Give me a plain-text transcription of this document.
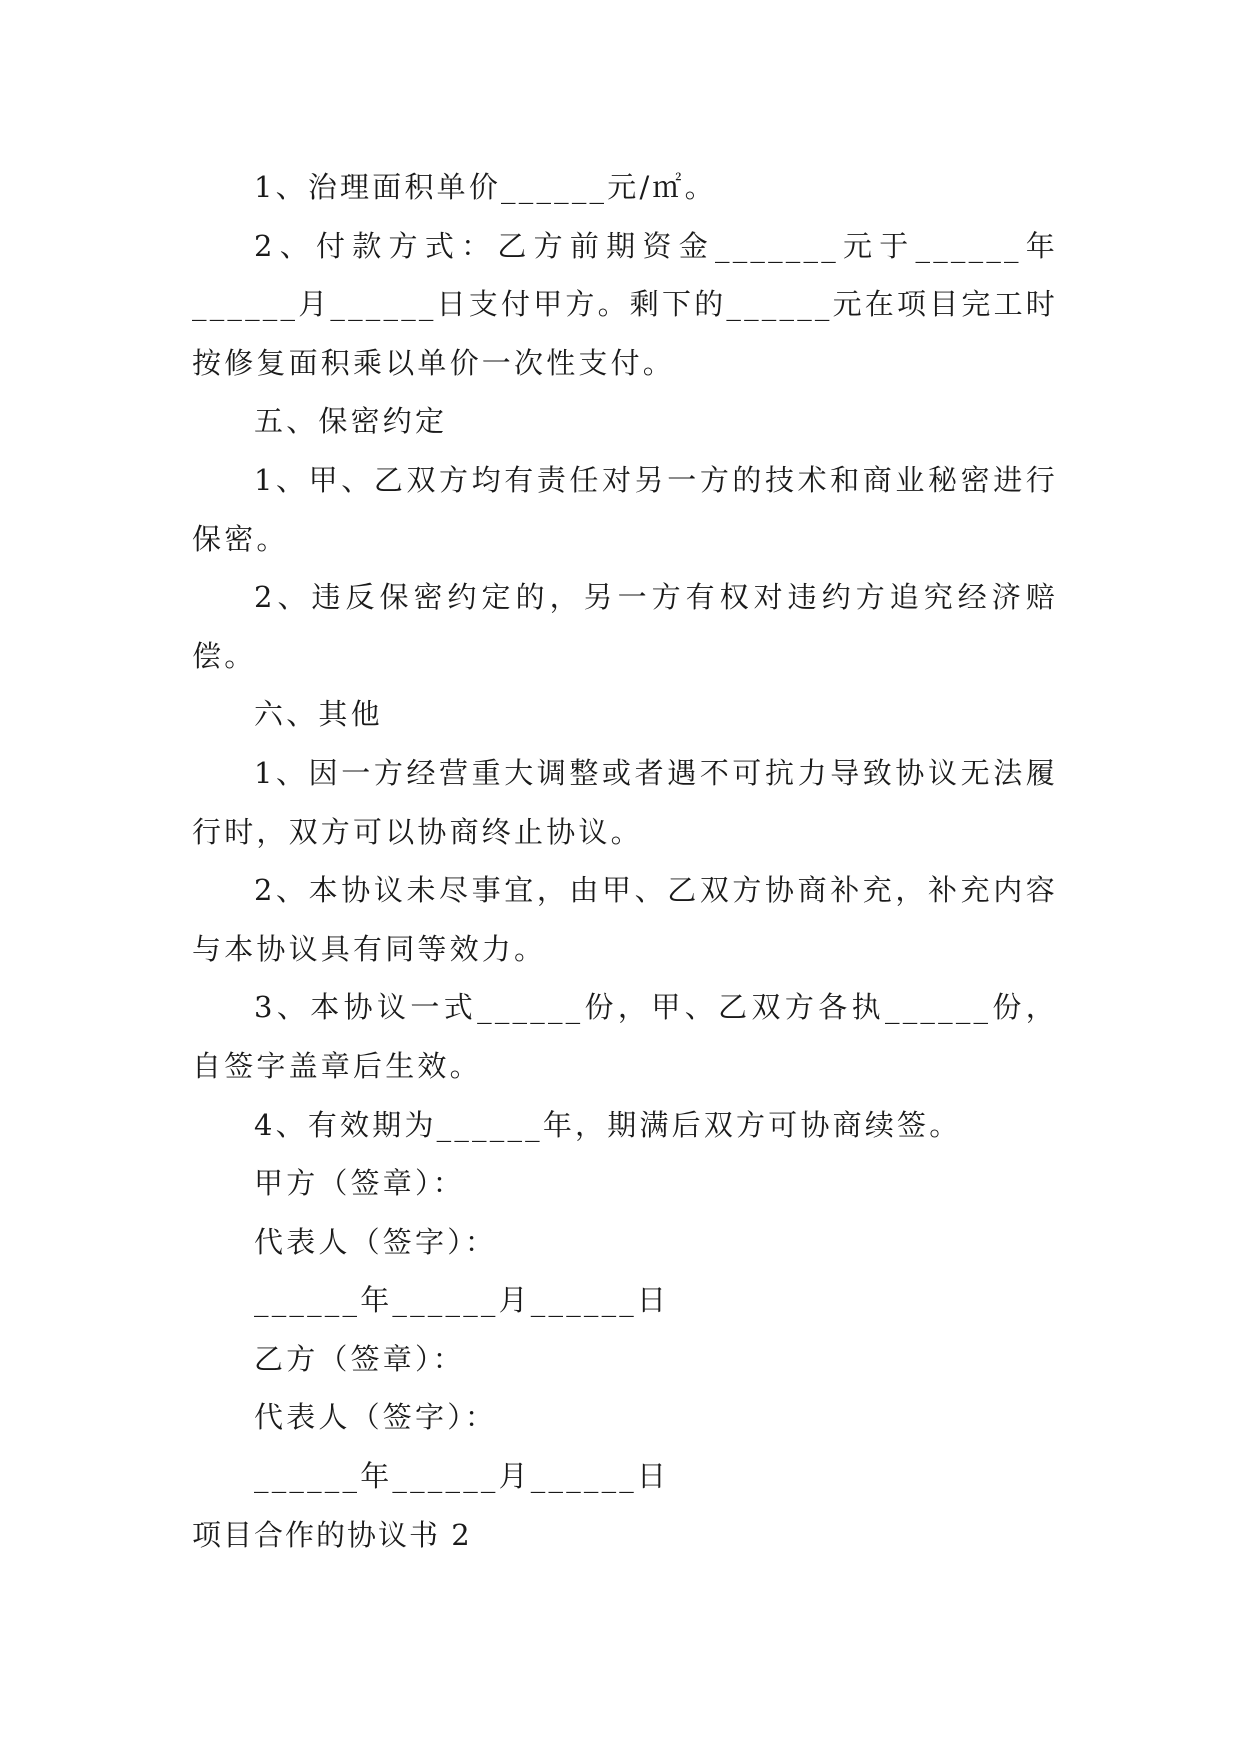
1、治理面积单价______元/㎡。

2、付款方式：乙方前期资金_______元于______年______月______日支付甲方。剩下的______元在项目完工时按修复面积乘以单价一次性支付。

五、保密约定

1、甲、乙双方均有责任对另一方的技术和商业秘密进行保密。

2、违反保密约定的，另一方有权对违约方追究经济赔偿。

六、其他

1、因一方经营重大调整或者遇不可抗力导致协议无法履行时，双方可以协商终止协议。

2、本协议未尽事宜，由甲、乙双方协商补充，补充内容与本协议具有同等效力。

3、本协议一式______份，甲、乙双方各执______份，自签字盖章后生效。

4、有效期为______年，期满后双方可协商续签。

甲方（签章）：

代表人（签字）：

______年______月______日

乙方（签章）：

代表人（签字）：

______年______月______日

项目合作的协议书 2
